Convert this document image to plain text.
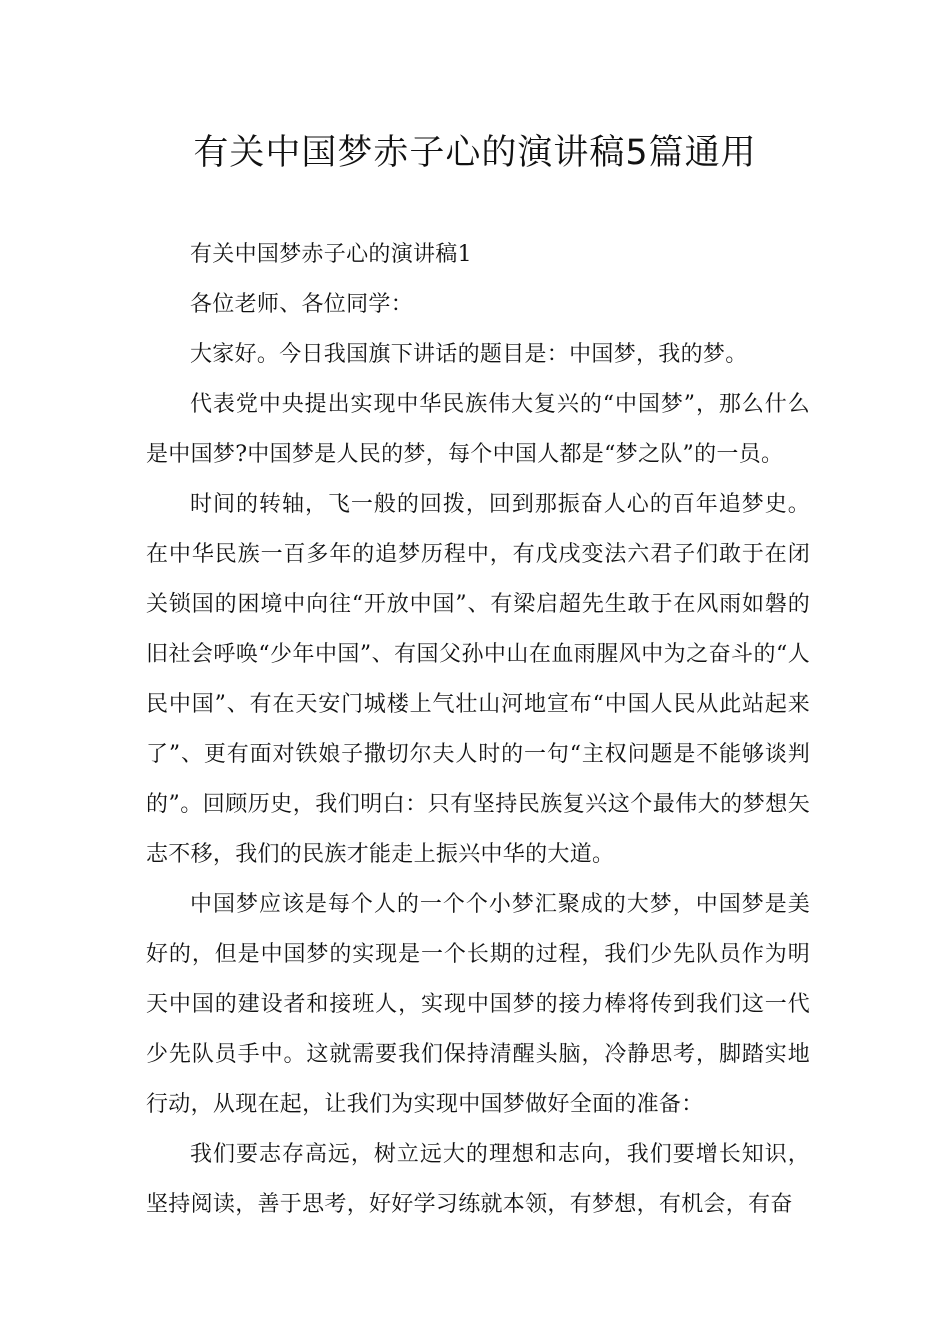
有关中国梦赤子心的演讲稿5篇通用

有关中国梦赤子心的演讲稿1

各位老师、各位同学：

大家好。今日我国旗下讲话的题目是：中国梦，我的梦。

代表党中央提出实现中华民族伟大复兴的“中国梦”，那么什么是中国梦?中国梦是人民的梦，每个中国人都是“梦之队”的一员。

时间的转轴，飞一般的回拨，回到那振奋人心的百年追梦史。在中华民族一百多年的追梦历程中，有戊戌变法六君子们敢于在闭关锁国的困境中向往“开放中国”、有梁启超先生敢于在风雨如磐的旧社会呼唤“少年中国”、有国父孙中山在血雨腥风中为之奋斗的“人民中国”、有在天安门城楼上气壮山河地宣布“中国人民从此站起来了”、更有面对铁娘子撒切尔夫人时的一句“主权问题是不能够谈判的”。回顾历史，我们明白：只有坚持民族复兴这个最伟大的梦想矢志不移，我们的民族才能走上振兴中华的大道。

中国梦应该是每个人的一个个小梦汇聚成的大梦，中国梦是美好的，但是中国梦的实现是一个长期的过程，我们少先队员作为明天中国的建设者和接班人，实现中国梦的接力棒将传到我们这一代少先队员手中。这就需要我们保持清醒头脑，冷静思考，脚踏实地行动，从现在起，让我们为实现中国梦做好全面的准备：

我们要志存高远，树立远大的理想和志向，我们要增长知识，坚持阅读，善于思考，好好学习练就本领，有梦想，有机会，有奋
